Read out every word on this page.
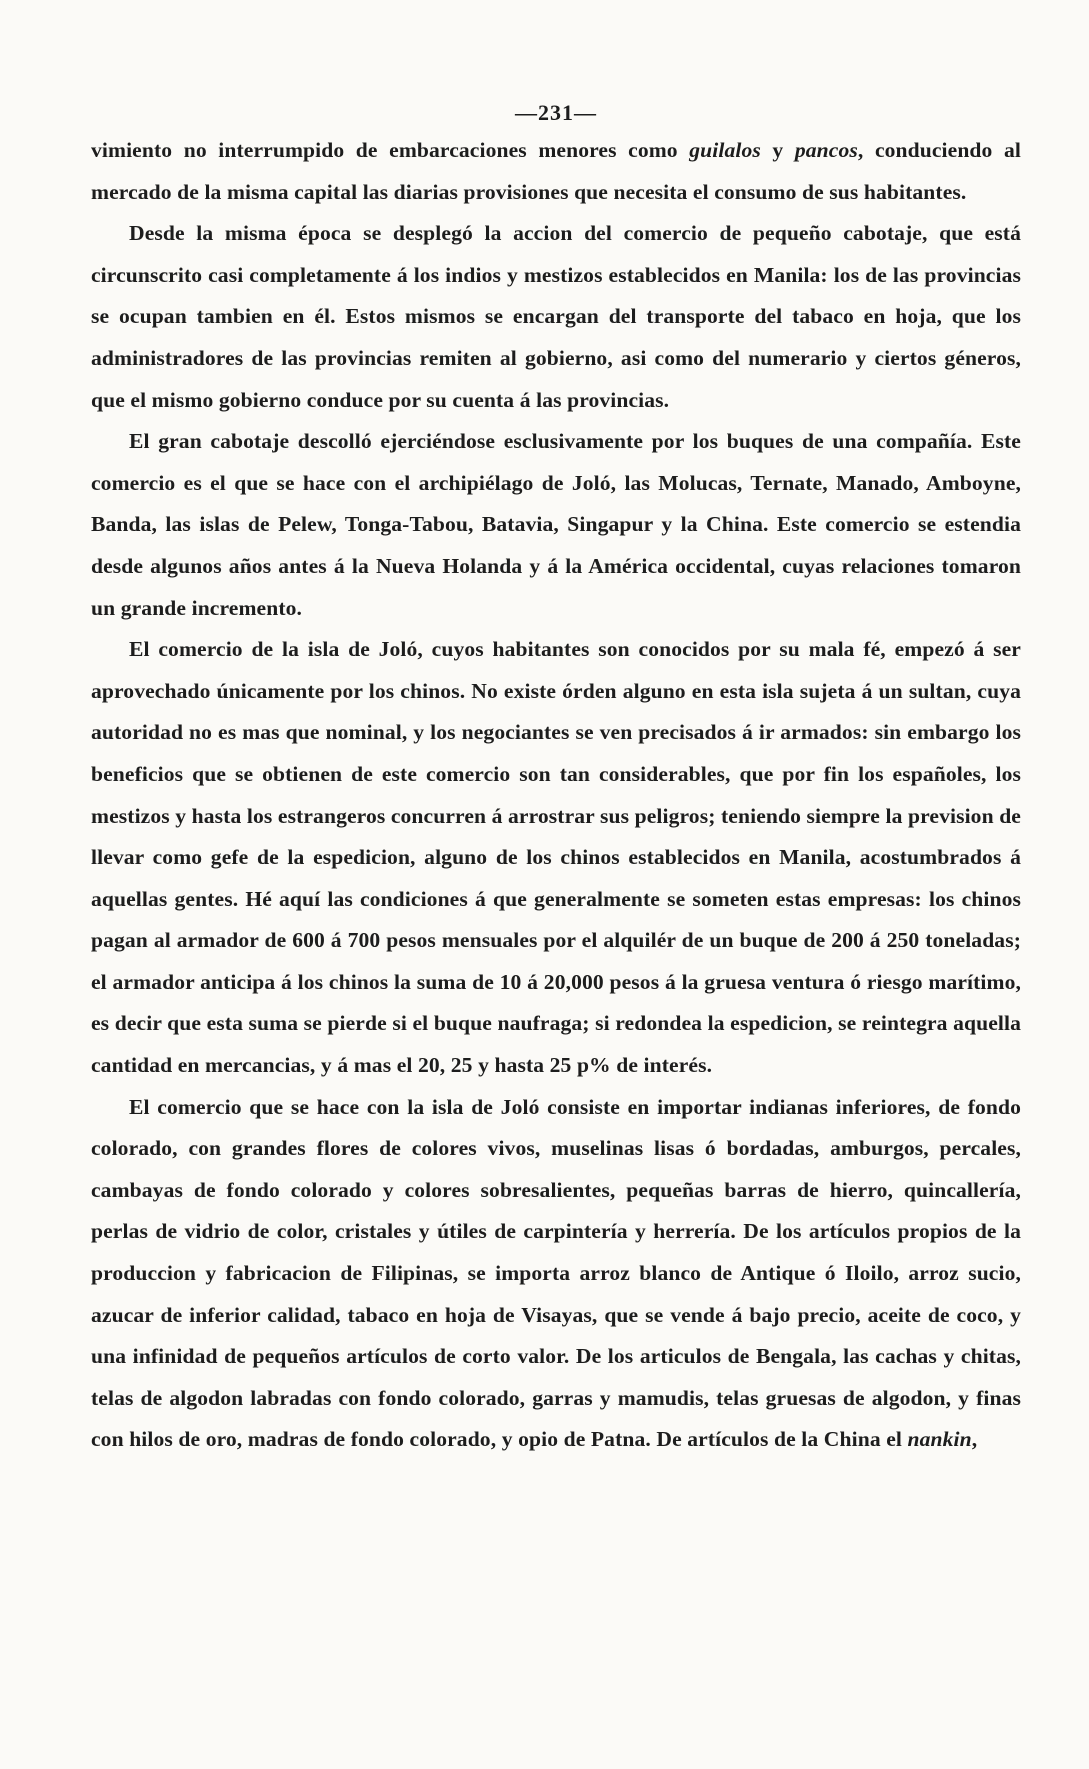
—231—

vimiento no interrumpido de embarcaciones menores como guilalos y pancos, conduciendo al mercado de la misma capital las diarias provisiones que necesita el consumo de sus habitantes.

Desde la misma época se desplegó la accion del comercio de pequeño cabotaje, que está circunscrito casi completamente á los indios y mestizos establecidos en Manila: los de las provincias se ocupan tambien en él. Estos mismos se encargan del transporte del tabaco en hoja, que los administradores de las provincias remiten al gobierno, asi como del numerario y ciertos géneros, que el mismo gobierno conduce por su cuenta á las provincias.

El gran cabotaje descolló ejerciéndose esclusivamente por los buques de una compañía. Este comercio es el que se hace con el archipiélago de Joló, las Molucas, Ternate, Manado, Amboyne, Banda, las islas de Pelew, Tonga-Tabou, Batavia, Singapur y la China. Este comercio se estendia desde algunos años antes á la Nueva Holanda y á la América occidental, cuyas relaciones tomaron un grande incremento.

El comercio de la isla de Joló, cuyos habitantes son conocidos por su mala fé, empezó á ser aprovechado únicamente por los chinos. No existe órden alguno en esta isla sujeta á un sultan, cuya autoridad no es mas que nominal, y los negociantes se ven precisados á ir armados: sin embargo los beneficios que se obtienen de este comercio son tan considerables, que por fin los españoles, los mestizos y hasta los estrangeros concurren á arrostrar sus peligros; teniendo siempre la prevision de llevar como gefe de la espedicion, alguno de los chinos establecidos en Manila, acostumbrados á aquellas gentes. Hé aquí las condiciones á que generalmente se someten estas empresas: los chinos pagan al armador de 600 á 700 pesos mensuales por el alquilér de un buque de 200 á 250 toneladas; el armador anticipa á los chinos la suma de 10 á 20,000 pesos á la gruesa ventura ó riesgo marítimo, es decir que esta suma se pierde si el buque naufraga; si redondea la espedicion, se reintegra aquella cantidad en mercancias, y á mas el 20, 25 y hasta 25 p% de interés.

El comercio que se hace con la isla de Joló consiste en importar indianas inferiores, de fondo colorado, con grandes flores de colores vivos, muselinas lisas ó bordadas, amburgos, percales, cambayas de fondo colorado y colores sobresalientes, pequeñas barras de hierro, quincallería, perlas de vidrio de color, cristales y útiles de carpintería y herrería. De los artículos propios de la produccion y fabricacion de Filipinas, se importa arroz blanco de Antique ó Iloilo, arroz sucio, azucar de inferior calidad, tabaco en hoja de Visayas, que se vende á bajo precio, aceite de coco, y una infinidad de pequeños artículos de corto valor. De los articulos de Bengala, las cachas y chitas, telas de algodon labradas con fondo colorado, garras y mamudis, telas gruesas de algodon, y finas con hilos de oro, madras de fondo colorado, y opio de Patna. De artículos de la China el nankin,
